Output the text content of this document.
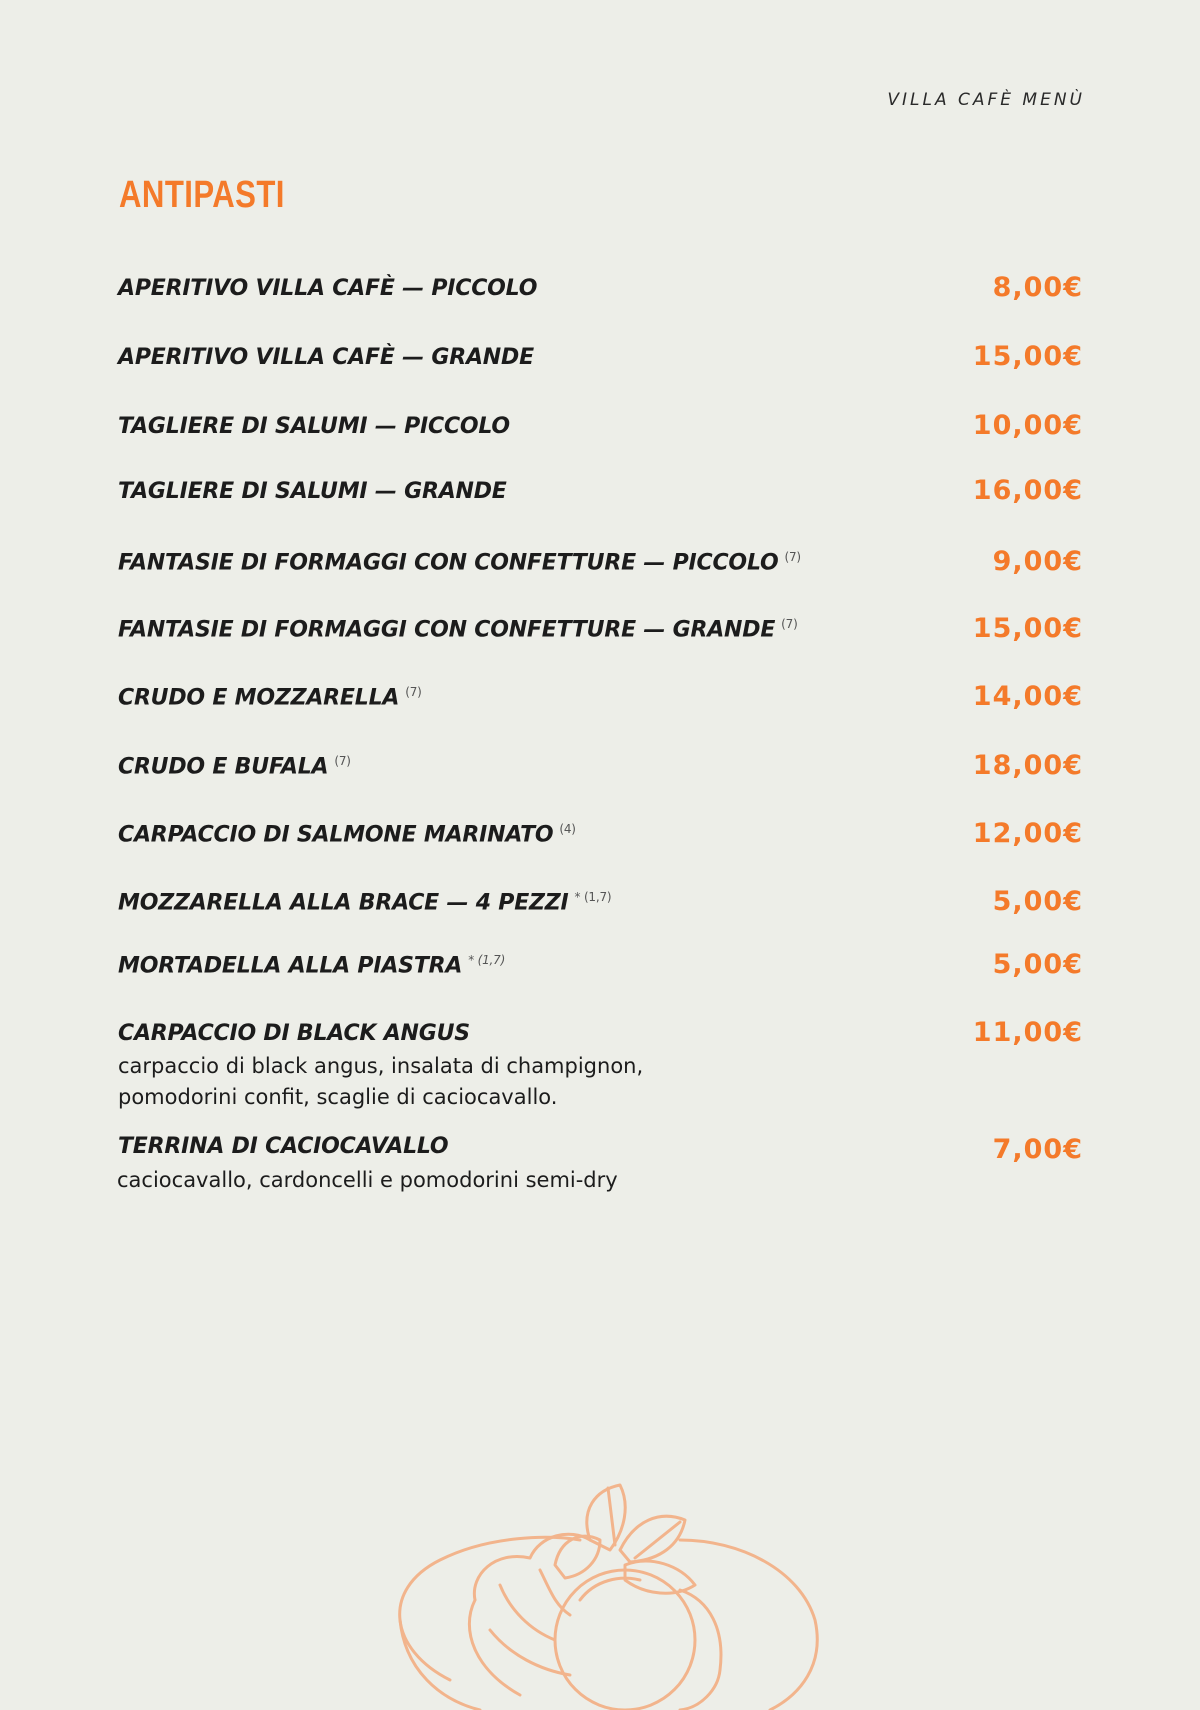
VILLA CAFÈ MENÙ
ANTIPASTI
APERITIVO VILLA CAFÈ — PICCOLO	8,00€
APERITIVO VILLA CAFÈ — GRANDE	15,00€
TAGLIERE DI SALUMI — PICCOLO	10,00€
TAGLIERE DI SALUMI — GRANDE	16,00€
FANTASIE DI FORMAGGI CON CONFETTURE — PICCOLO $^{(7)}$	9,00€
FANTASIE DI FORMAGGI CON CONFETTURE — GRANDE $^{(7)}$	15,00€
CRUDO E MOZZARELLA $^{(7)}$	14,00€
CRUDO E BUFALA $^{(7)}$	18,00€
CARPACCIO DI SALMONE MARINATO $^{(4)}$	12,00€
MOZZARELLA ALLA BRACE — 4 PEZZI $^{* (1,7)}$	5,00€
MORTADELLA ALLA PIASTRA $^{* (1,7)}$	5,00€
CARPACCIO DI BLACK ANGUS	11,00€
carpaccio di black angus, insalata di champignon,
pomodorini confit, scaglie di caciocavallo.
TERRINA DI CACIOCAVALLO	7,00€
caciocavallo, cardoncelli e pomodorini semi-dry
